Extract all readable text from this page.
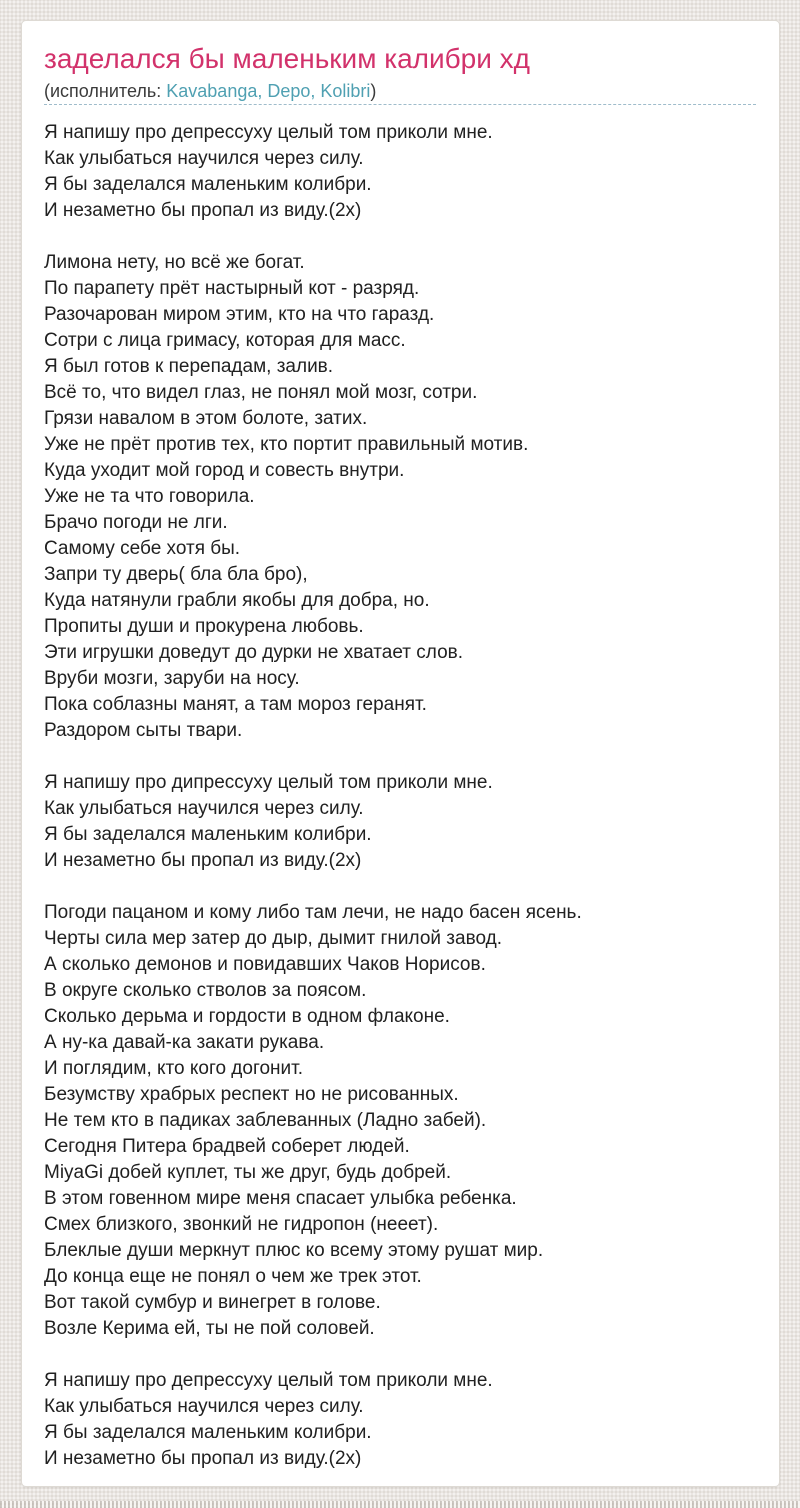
заделался бы маленьким калибри хд
(исполнитель: Kavabanga, Depo, Kolibri)

Я напишу про депрессуху целый том приколи мне.
Как улыбаться научился через силу.
Я бы заделался маленьким колибри.
И незаметно бы пропал из виду.(2х)

Лимона нету, но всё же богат.
По парапету прёт настырный кот - разряд.
Разочарован миром этим, кто на что гаразд.
Сотри с лица гримасу, которая для масс.
Я был готов к перепадам, залив.
Всё то, что видел глаз, не понял мой мозг, сотри.
Грязи навалом в этом болоте, затих.
Уже не прёт против тех, кто портит правильный мотив.
Куда уходит мой город и совесть внутри.
Уже не та что говорила.
Брачо погоди не лги.
Самому себе хотя бы.
Запри ту дверь( бла бла бро),
Куда натянули грабли якобы для добра, но.
Пропиты души и прокурена любовь.
Эти игрушки доведут до дурки не хватает слов.
Вруби мозги, заруби на носу.
Пока соблазны манят, а там мороз геранят.
Раздором сыты твари.

Я напишу про дипрессуху целый том приколи мне.
Как улыбаться научился через силу.
Я бы заделался маленьким колибри.
И незаметно бы пропал из виду.(2х)

Погоди пацаном и кому либо там лечи, не надо басен ясень.
Черты сила мер затер до дыр, дымит гнилой завод.
А сколько демонов и повидавших Чаков Норисов.
В округе сколько стволов за поясом.
Сколько дерьма и гордости в одном флаконе.
А ну-ка давай-ка закати рукава.
И поглядим, кто кого догонит.
Безумству храбрых респект но не рисованных.
Не тем кто в падиках заблеванных (Ладно забей).
Сегодня Питера брадвей соберет людей.
MiyaGi добей куплет, ты же друг, будь добрей.
В этом говенном мире меня спасает улыбка ребенка.
Смех близкого, звонкий не гидропон (нееет).
Блеклые души меркнут плюс ко всему этому рушат мир.
До конца еще не понял о чем же трек этот.
Вот такой сумбур и винегрет в голове.
Возле Керима ей, ты не пой соловей.

Я напишу про депрессуху целый том приколи мне.
Как улыбаться научился через силу.
Я бы заделался маленьким колибри.
И незаметно бы пропал из виду.(2х)
